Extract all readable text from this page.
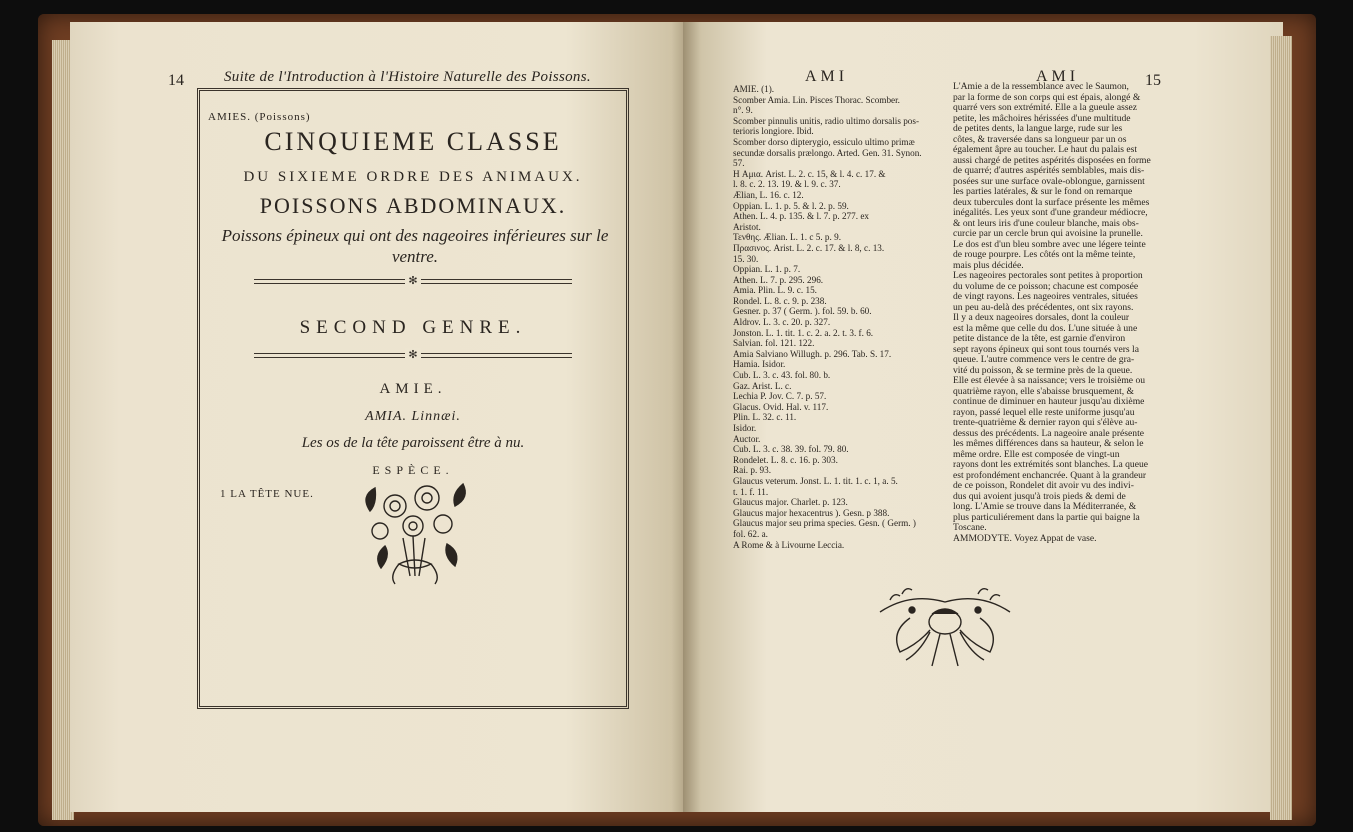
14	Suite de l'Introduction à l'Histoire Naturelle des Poissons.
AMIES. (Poissons)
CINQUIEME CLASSE
DU SIXIEME ORDRE DES ANIMAUX.
POISSONS ABDOMINAUX.
Poissons épineux qui ont des nageoires inférieures sur le ventre.
✻
SECOND GENRE.
✻
AMIE.
AMIA. Linnæi.
Les os de la tête paroissent être à nu.
ESPÈCE.
1 LA TÊTE NUE.
AMI	AMI	15
AMIE. (1).
Scomber Amia. Lin. Pisces Thorac. Scomber.
n°. 9.
Scomber pinnulis unitis, radio ultimo dorsalis pos-
terioris longiore. Ibid.
Scomber dorso dipterygio, essiculo ultimo primæ
secundæ dorsalis prælongo. Arted. Gen. 31. Synon.
57.
H Αμια. Arist. L. 2. c. 15, & l. 4. c. 17. &
l. 8. c. 2. 13. 19. & l. 9. c. 37.
Ælian, L. 16. c. 12.
Oppian. L. 1. p. 5. & l. 2. p. 59.
Athen. L. 4. p. 135. & l. 7. p. 277. ex
Aristot.
Τενθης. Ælian. L. 1. c 5. p. 9.
Πρασινος. Arist. L. 2. c. 17. & l. 8, c. 13.
15. 30.
Oppian. L. 1. p. 7.
Athen. L. 7. p. 295. 296.
Amia. Plin. L. 9. c. 15.
Rondel. L. 8. c. 9. p. 238.
Gesner. p. 37 ( Germ. ). fol. 59. b. 60.
Aldrov. L. 3. c. 20. p. 327.
Jonston. L. 1. tit. 1. c. 2. a. 2. t. 3. f. 6.
Salvian. fol. 121. 122.
Amia Salviano Willugh. p. 296. Tab. S. 17.
Hamia. Isidor.
Cub. L. 3. c. 43. fol. 80. b.
Gaz. Arist. L. c.
Lechia P. Jov. C. 7. p. 57.
Glacus. Ovid. Hal. v. 117.
Plin. L. 32. c. 11.
Isidor.
Auctor.
Cub. L. 3. c. 38. 39. fol. 79. 80.
Rondelet. L. 8. c. 16. p. 303.
Rai. p. 93.
Glaucus veterum. Jonst. L. 1. tit. 1. c. 1, a. 5.
t. 1. f. 11.
Glaucus major. Charlet. p. 123.
Glaucus major hexacentrus ). Gesn. p 388.
Glaucus major seu prima species. Gesn. ( Germ. )
fol. 62. a.
A Rome & à Livourne Leccia.
L'Amie a de la ressemblance avec le Saumon,
par la forme de son corps qui est épais, alongé &
quarré vers son extrémité. Elle a la gueule assez
petite, les mâchoires hérissées d'une multitude
de petites dents, la langue large, rude sur les
côtes, & traversée dans sa longueur par un os
également âpre au toucher. Le haut du palais est
aussi chargé de petites aspérités disposées en forme
de quarré; d'autres aspérités semblables, mais dis-
posées sur une surface ovale-oblongue, garnissent
les parties latérales, & sur le fond on remarque
deux tubercules dont la surface présente les mêmes
inégalités. Les yeux sont d'une grandeur médiocre,
& ont leurs iris d'une couleur blanche, mais obs-
curcie par un cercle brun qui avoisine la prunelle.
Le dos est d'un bleu sombre avec une légere teinte
de rouge pourpre. Les côtés ont la même teinte,
mais plus décidée.
Les nageoires pectorales sont petites à proportion
du volume de ce poisson; chacune est composée
de vingt rayons. Les nageoires ventrales, situées
un peu au-delà des précédentes, ont six rayons.
Il y a deux nageoires dorsales, dont la couleur
est la même que celle du dos. L'une située à une
petite distance de la tête, est garnie d'environ
sept rayons épineux qui sont tous tournés vers la
queue. L'autre commence vers le centre de gra-
vité du poisson, & se termine près de la queue.
Elle est élevée à sa naissance; vers le troisième ou
quatrième rayon, elle s'abaisse brusquement, &
continue de diminuer en hauteur jusqu'au dixième
rayon, passé lequel elle reste uniforme jusqu'au
trente-quatrième & dernier rayon qui s'élève au-
dessus des précédents. La nageoire anale présente
les mêmes différences dans sa hauteur, & selon le
même ordre. Elle est composée de vingt-un
rayons dont les extrémités sont blanches. La queue
est profondément enchancrée. Quant à la grandeur
de ce poisson, Rondelet dit avoir vu des indivi-
dus qui avoient jusqu'à trois pieds & demi de
long. L'Amie se trouve dans la Méditerranée, &
plus particuliérement dans la partie qui baigne la
Toscane.
AMMODYTE. Voyez Appat de vase.
